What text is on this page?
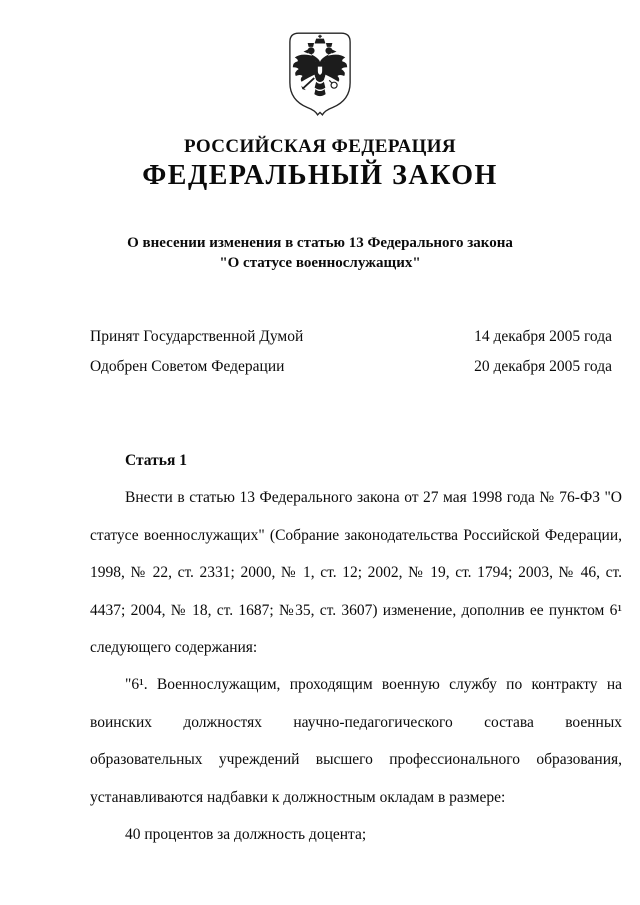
РОССИЙСКАЯ ФЕДЕРАЦИЯ
ФЕДЕРАЛЬНЫЙ ЗАКОН
О внесении изменения в статью 13 Федерального закона
"О статусе военнослужащих"
Принят Государственной Думой	14 декабря 2005 года
Одобрен Советом Федерации	20 декабря 2005 года
Статья 1

Внести в статью 13 Федерального закона от 27 мая 1998 года № 76-ФЗ "О статусе военнослужащих" (Собрание законодательства Российской Федерации, 1998, № 22, ст. 2331; 2000, № 1, ст. 12; 2002, № 19, ст. 1794; 2003, № 46, ст. 4437; 2004, № 18, ст. 1687; №35, ст. 3607) изменение, дополнив ее пунктом 6¹ следующего содержания:

"6¹. Военнослужащим, проходящим военную службу по контракту на воинских должностях научно-педагогического состава военных образовательных учреждений высшего профессионального образования, устанавливаются надбавки к должностным окладам в размере:

40 процентов за должность доцента;
